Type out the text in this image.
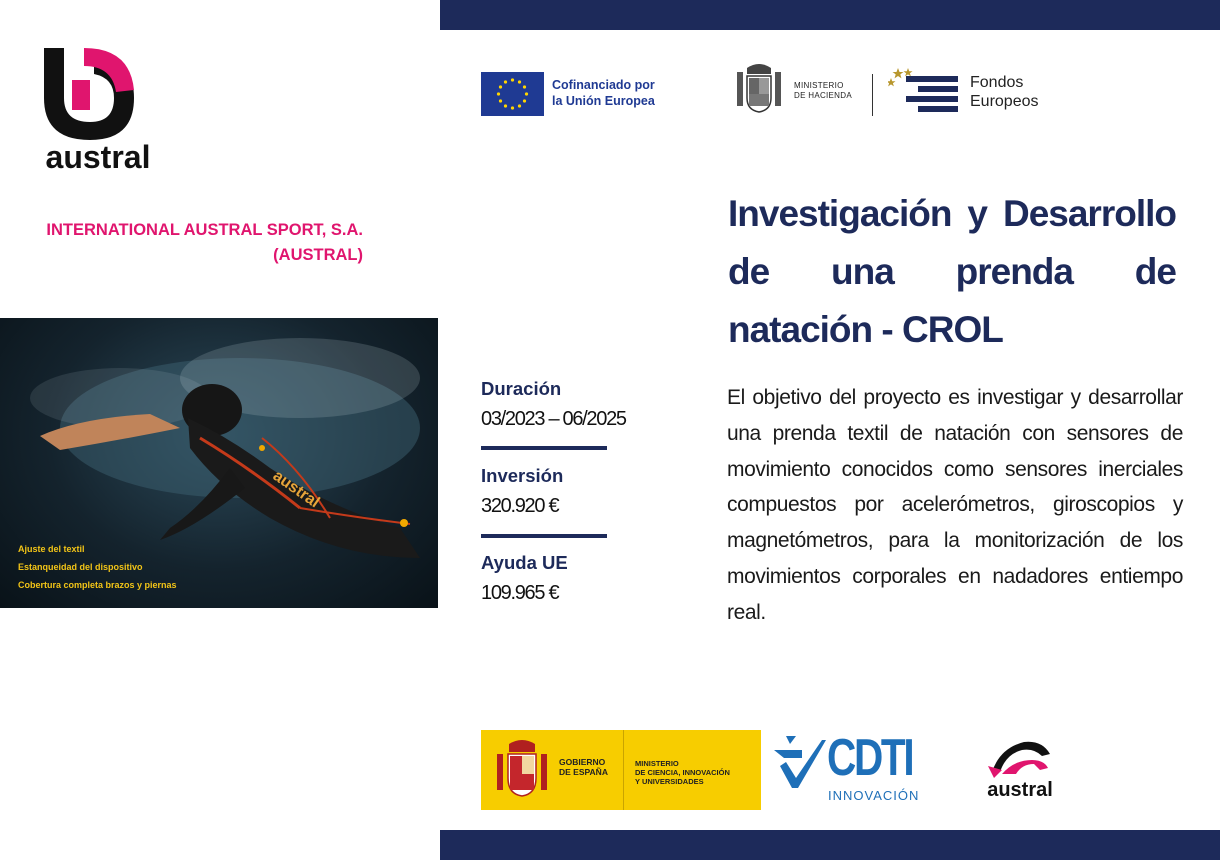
austral
INTERNATIONAL AUSTRAL SPORT, S.A.
(AUSTRAL)
austral
Ajuste del textil
Estanqueidad del dispositivo
Cobertura completa brazos y piernas
Cofinanciado por
la Unión Europea
MINISTERIO
DE HACIENDA
Fondos
Europeos
Investigación y Desarrollo
de una prenda de
natación - CROL
El objetivo del proyecto es investigar y desarrollar una prenda textil de natación con sensores de movimiento conocidos como sensores inerciales compuestos por acelerómetros, giroscopios y magnetómetros, para la monitorización de los movimientos corporales en nadadores entiempo real.
Duración
03/2023 – 06/2025
Inversión
320.920 €
Ayuda UE
109.965 €
GOBIERNO
DE ESPAÑA
MINISTERIO
DE CIENCIA, INNOVACIÓN
Y UNIVERSIDADES	CDTI
INNOVACIÓN	austral
